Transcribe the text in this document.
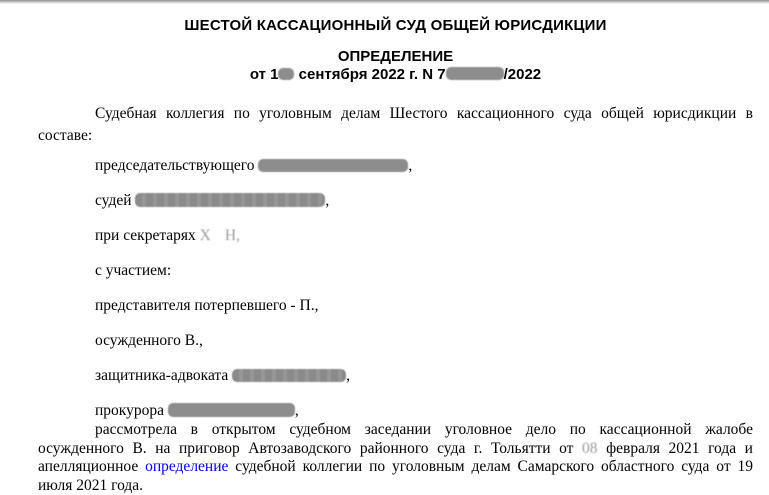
ШЕСТОЙ КАССАЦИОННЫЙ СУД ОБЩЕЙ ЮРИСДИКЦИИ
ОПРЕДЕЛЕНИЕ
от 1 сентября 2022 г. N 7	/2022

Судебная коллегия по уголовным делам Шестого кассационного суда общей юрисдикции в составе:

председательствующего	,

судей	,

при секретарях Х Н,

с участием:

представителя потерпевшего - П.,

осужденного В.,

защитника-адвоката	,

прокурора	,

рассмотрела в открытом судебном заседании уголовное дело по кассационной жалобе осужденного В. на приговор Автозаводского районного суда г. Тольятти от 08 февраля 2021 года и апелляционное определение судебной коллегии по уголовным делам Самарского областного суда от 19 июля 2021 года.
